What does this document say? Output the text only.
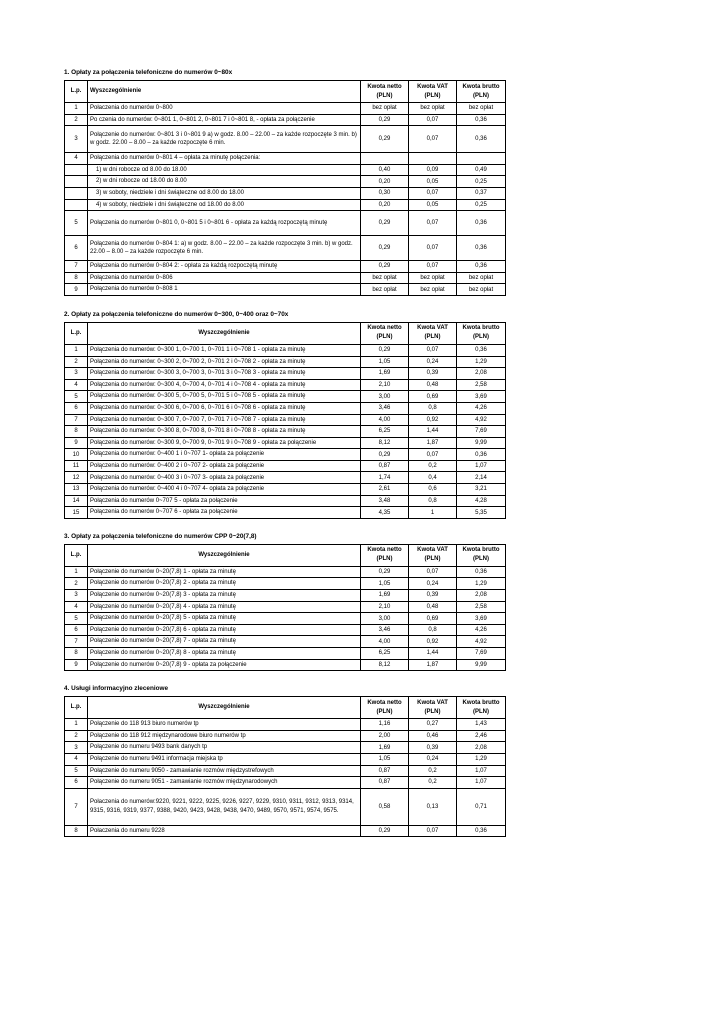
1. Opłaty za połączenia telefoniczne do numerów 0~80x
L.p.	Wyszczególnienie	Kwota netto (PLN)	Kwota VAT (PLN)	Kwota brutto (PLN)
1	Połaczenia do numerów 0~800	bez opłat	bez opłat	bez opłat
2	Po czenia do numerów: 0~801 1, 0~801 2, 0~801 7 i 0~801 8, - opłata za połączenie	0,29	0,07	0,36
3	Połączenie do numerów: 0~801 3 i 0~801 9 a) w godz. 8.00 – 22.00 – za każde rozpoczęte 3 min. b) w godz. 22.00 – 8.00 – za każde rozpoczęte 6 min.	0,29	0,07	0,36
4	Połączenia do numerów 0~801 4 – opłata za minutę połączenia:			
	1) w dni robocze od 8.00 do 18.00	0,40	0,09	0,49
	2) w dni robocze od 18.00 do 8.00	0,20	0,05	0,25
	3) w soboty, niedziele i dni świąteczne od 8.00 do 18.00	0,30	0,07	0,37
	4) w soboty, niedziele i dni świąteczne od 18.00 do 8.00	0,20	0,05	0,25
5	Połączenia do numerów 0~801 0, 0~801 5 i 0~801 6 - opłata za każdą rozpoczętą minutę	0,29	0,07	0,36
6	Połączenia do numerów 0~804 1: a) w godz. 8.00 – 22.00 – za każde rozpoczęte 3 min. b) w godz. 22.00 – 8.00 – za każde rozpoczęte 6 min.	0,29	0,07	0,36
7	Połączenia do numerów 0~804 2: - opłata za każdą rozpoczętą minutę	0,29	0,07	0,36
8	Połączenia do numerów 0~806	bez opłat	bez opłat	bez opłat
9	Połączenia do numerów 0~808 1	bez opłat	bez opłat	bez opłat
2. Opłaty za połączenia telefoniczne do numerów 0~300, 0~400 oraz 0~70x
L.p.	Wyszczególnienie	Kwota netto (PLN)	Kwota VAT (PLN)	Kwota brutto (PLN)
1	Połączenia do numerów: 0~300 1, 0~700 1, 0~701 1 i 0~708 1 - opłata za minutę	0,29	0,07	0,36
2	Połączenia do numerów: 0~300 2, 0~700 2, 0~701 2 i 0~708 2 - opłata za minutę	1,05	0,24	1,29
3	Połączenia do numerów: 0~300 3, 0~700 3, 0~701 3 i 0~708 3 - opłata za minutę	1,69	0,39	2,08
4	Połączenia do numerów: 0~300 4, 0~700 4, 0~701 4 i 0~708 4 - opłata za minutę	2,10	0,48	2,58
5	Połączenia do numerów: 0~300 5, 0~700 5, 0~701 5 i 0~708 5 - opłata za minutę	3,00	0,69	3,69
6	Połączenia do numerów: 0~300 6, 0~700 6, 0~701 6 i 0~708 6 - opłata za minutę	3,46	0,8	4,26
7	Połączenia do numerów: 0~300 7, 0~700 7, 0~701 7 i 0~708 7 - opłata za minutę	4,00	0,92	4,92
8	Połączenia do numerów: 0~300 8, 0~700 8, 0~701 8 i 0~708 8 - opłata za minutę	6,25	1,44	7,69
9	Połączenia do numerów: 0~300 9, 0~700 9, 0~701 9 i 0~708 9 - opłata za połączenie	8,12	1,87	9,99
10	Połączenia do numerów: 0~400 1 i 0~707 1- opłata za połączenie	0,29	0,07	0,36
11	Połączenia do numerów: 0~400 2 i 0~707 2- opłata za połączenie	0,87	0,2	1,07
12	Połączenia do numerów: 0~400 3 i 0~707 3- opłata za połączenie	1,74	0,4	2,14
13	Połączenia do numerów: 0~400 4 i 0~707 4- opłata za połączenie	2,61	0,6	3,21
14	Połączenia do numerów 0~707 5 - opłata za połączenie	3,48	0,8	4,28
15	Połączenia do numerów 0~707 6 - opłata za połączenie	4,35	1	5,35
3. Opłaty za połączenia telefoniczne do numerów CPP 0~20(7,8)
L.p.	Wyszczególnienie	Kwota netto (PLN)	Kwota VAT (PLN)	Kwota brutto (PLN)
1	Połączenie do numerów 0~20(7,8) 1 - opłata za minutę	0,29	0,07	0,36
2	Połączenie do numerów 0~20(7,8) 2 - opłata za minutę	1,05	0,24	1,29
3	Połączenie do numerów 0~20(7,8) 3 - opłata za minutę	1,69	0,39	2,08
4	Połączenie do numerów 0~20(7,8) 4 - opłata za minutę	2,10	0,48	2,58
5	Połączenie do numerów 0~20(7,8) 5 - opłata za minutę	3,00	0,69	3,69
6	Połączenie do numerów 0~20(7,8) 6 - opłata za minutę	3,46	0,8	4,26
7	Połączenie do numerów 0~20(7,8) 7 - opłata za minutę	4,00	0,92	4,92
8	Połączenie do numerów 0~20(7,8) 8 - opłata za minutę	6,25	1,44	7,69
9	Połączenie do numerów 0~20(7,8) 9 - opłata za połączenie	8,12	1,87	9,99
4. Usługi informacyjno zleceniowe
L.p.	Wyszczególnienie	Kwota netto (PLN)	Kwota VAT (PLN)	Kwota brutto (PLN)
1	Połączenie do 118 913 biuro numerów tp	1,16	0,27	1,43
2	Połączenie do 118 912 międzynarodowe biuro numerów tp	2,00	0,46	2,46
3	Połączenie do numeru 9493 bank danych tp	1,69	0,39	2,08
4	Połączenie do numeru 9491 informacja miejska tp	1,05	0,24	1,29
5	Połączenie do numeru 9050 - zamawianie rozmów międzystrefowych	0,87	0,2	1,07
6	Połączenie do numeru 9051 - zamawianie rozmów międzynarodowych	0,87	0,2	1,07
7	Połaczenia do numerów:9220, 9221, 9222, 9225, 9226, 9227, 9229, 9310, 9311, 9312, 9313, 9314, 9315, 9316, 9319, 9377, 9388, 9420, 9423, 9428, 9438, 9470, 9489, 9570, 9571, 9574, 9575.	0,58	0,13	0,71
8	Połaczenia do numeru 9228	0,29	0,07	0,36
